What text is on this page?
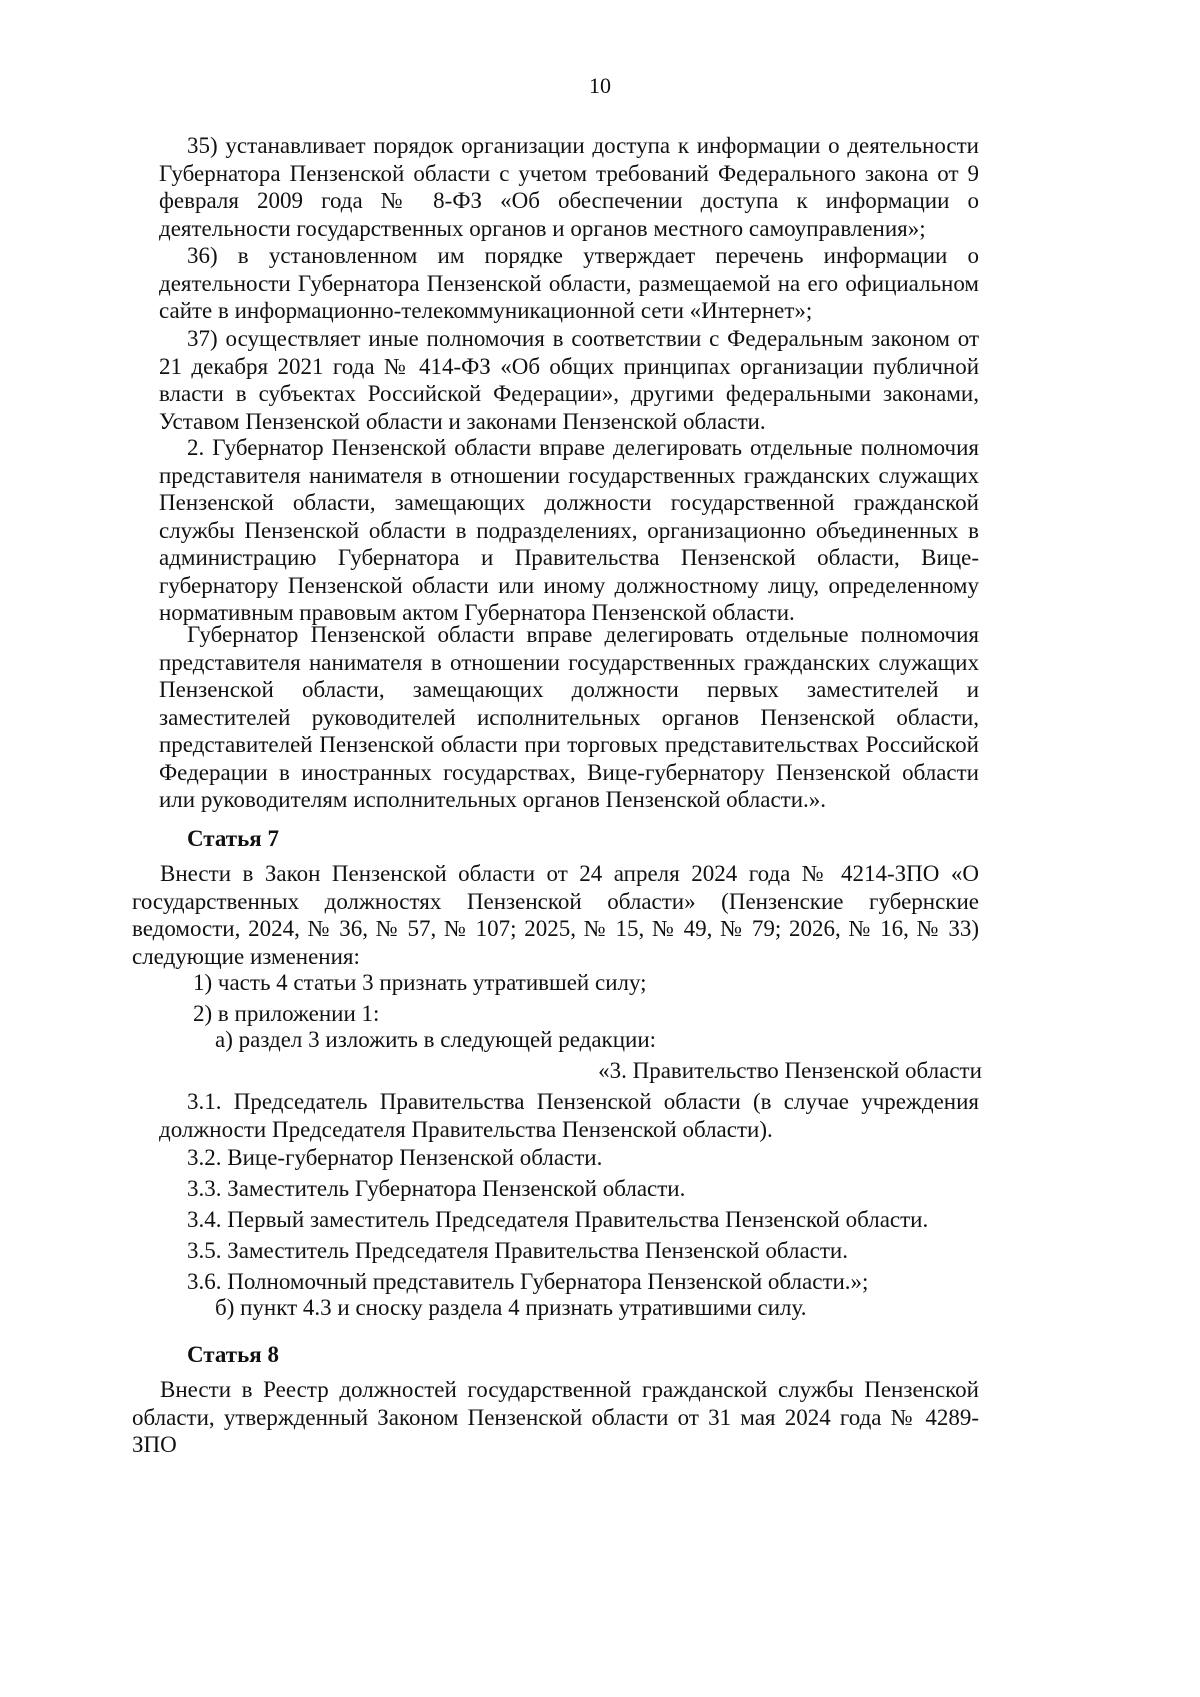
10

35) устанавливает порядок организации доступа к информации о деятельности Губернатора Пензенской области с учетом требований Федерального закона от 9 февраля 2009 года № 8-ФЗ «Об обеспечении доступа к информации о деятельности государственных органов и органов местного самоуправления»;

36) в установленном им порядке утверждает перечень информации о деятельности Губернатора Пензенской области, размещаемой на его официальном сайте в информационно-телекоммуникационной сети «Интернет»;

37) осуществляет иные полномочия в соответствии с Федеральным законом от 21 декабря 2021 года № 414-ФЗ «Об общих принципах организации публичной власти в субъектах Российской Федерации», другими федеральными законами, Уставом Пензенской области и законами Пензенской области.

2. Губернатор Пензенской области вправе делегировать отдельные полномочия представителя нанимателя в отношении государственных гражданских служащих Пензенской области, замещающих должности государственной гражданской службы Пензенской области в подразделениях, организационно объединенных в администрацию Губернатора и Правительства Пензенской области, Вице-губернатору Пензенской области или иному должностному лицу, определенному нормативным правовым актом Губернатора Пензенской области.

Губернатор Пензенской области вправе делегировать отдельные полномочия представителя нанимателя в отношении государственных гражданских служащих Пензенской области, замещающих должности первых заместителей и заместителей руководителей исполнительных органов Пензенской области, представителей Пензенской области при торговых представительствах Российской Федерации в иностранных государствах, Вице-губернатору Пензенской области или руководителям исполнительных органов Пензенской области.».

Статья 7

Внести в Закон Пензенской области от 24 апреля 2024 года № 4214-ЗПО «О государственных должностях Пензенской области» (Пензенские губернские ведомости, 2024, № 36, № 57, № 107; 2025, № 15, № 49, № 79; 2026, № 16, № 33) следующие изменения:

1) часть 4 статьи 3 признать утратившей силу;

2) в приложении 1:

а) раздел 3 изложить в следующей редакции:

«3. Правительство Пензенской области

3.1. Председатель Правительства Пензенской области (в случае учреждения должности Председателя Правительства Пензенской области).

3.2. Вице-губернатор Пензенской области.

3.3. Заместитель Губернатора Пензенской области.

3.4. Первый заместитель Председателя Правительства Пензенской области.

3.5. Заместитель Председателя Правительства Пензенской области.

3.6. Полномочный представитель Губернатора Пензенской области.»;

б) пункт 4.3 и сноску раздела 4 признать утратившими силу.

Статья 8

Внести в Реестр должностей государственной гражданской службы Пензенской области, утвержденный Законом Пензенской области от 31 мая 2024 года № 4289-ЗПО
